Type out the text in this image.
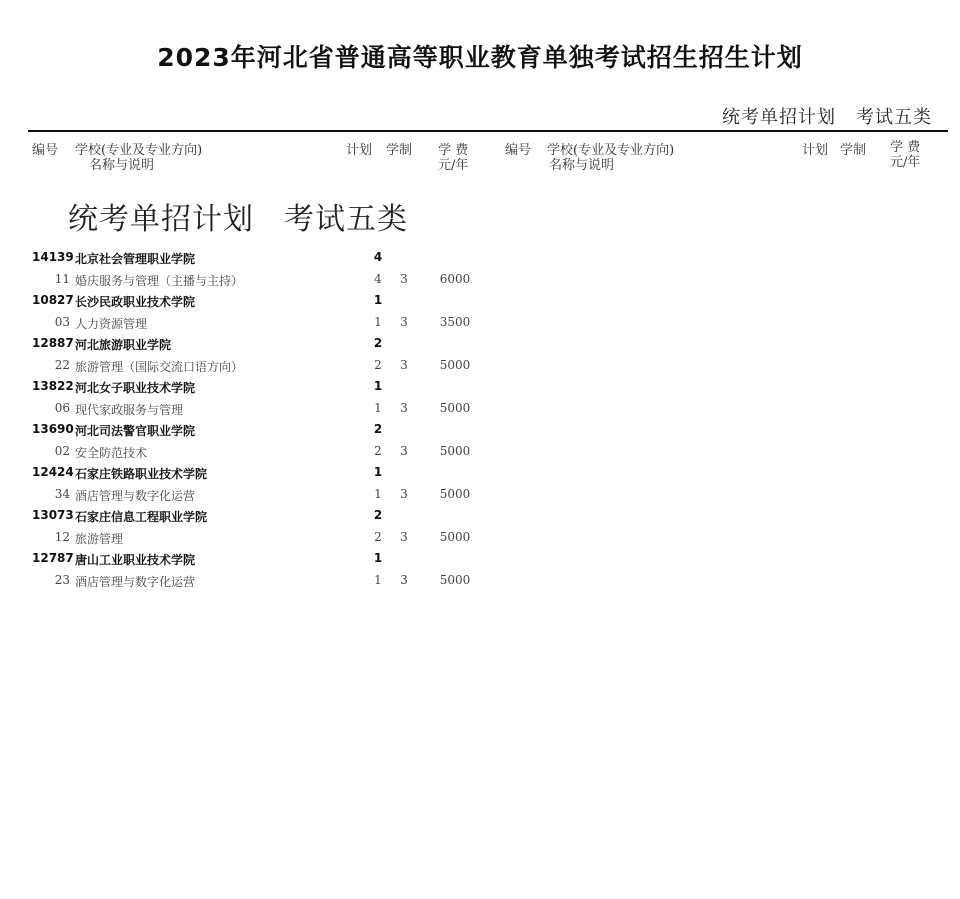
2023年河北省普通高等职业教育单独考试招生招生计划
统考单招计划 考试五类
编号 学校(专业及专业方向)
名称与说明
计划 学制 学 费
元/年
编号 学校(专业及专业方向)
名称与说明
计划 学制 学 费
元/年
统考单招计划 考试五类
14139 北京社会管理职业学院	4
11 婚庆服务与管理（主播与主持）	4	3	6000
10827 长沙民政职业技术学院	1
03 人力资源管理	1	3	3500
12887 河北旅游职业学院	2
22 旅游管理（国际交流口语方向）	2	3	5000
13822 河北女子职业技术学院	1
06 现代家政服务与管理	1	3	5000
13690 河北司法警官职业学院	2
02 安全防范技术	2	3	5000
12424 石家庄铁路职业技术学院	1
34 酒店管理与数字化运营	1	3	5000
13073 石家庄信息工程职业学院	2
12 旅游管理	2	3	5000
12787 唐山工业职业技术学院	1
23 酒店管理与数字化运营	1	3	5000
